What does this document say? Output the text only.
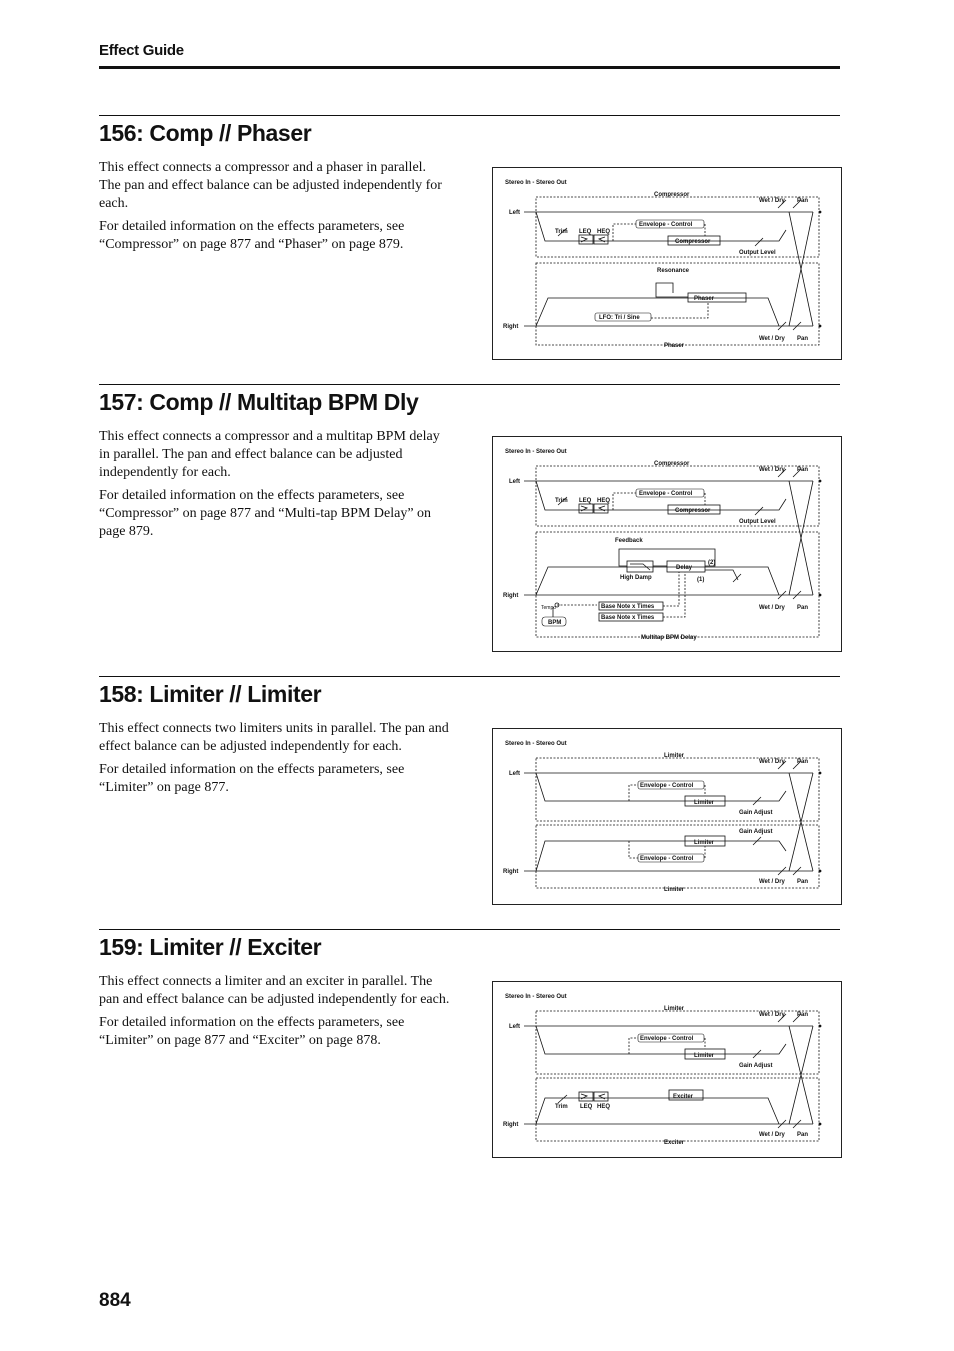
Effect Guide
156: Comp // Phaser

This effect connects a compressor and a phaser in parallel. The pan and effect balance can be adjusted independently for each.

For detailed information on the effects parameters, see “Compressor” on page 877 and “Phaser” on page 879.

Stereo In - Stereo Out
Left
Right
Compressor
Phaser
Wet / Dry Pan
Wet / Dry Pan
Trim LEQ HEQ
Envelope - Control
Compressor
Output Level
Resonance
Phaser
LFO: Tri / Sine
157: Comp // Multitap BPM Dly

This effect connects a compressor and a multitap BPM delay in parallel. The pan and effect balance can be adjusted independently for each.

For detailed information on the effects parameters, see “Compressor” on page 877 and “Multi-tap BPM Delay” on page 879.

Stereo In - Stereo Out
Left
Right
Compressor
Multitap BPM Delay
Wet / Dry Pan
Wet / Dry Pan
Trim LEQ HEQ
Envelope - Control
Compressor
Output Level
Feedback
High Damp
Delay
(2)
(1)
Tempo
BPM
Base Note x Times
Base Note x Times
158: Limiter // Limiter

This effect connects two limiters units in parallel. The pan and effect balance can be adjusted independently for each.

For detailed information on the effects parameters, see “Limiter” on page 877.

Stereo In - Stereo Out
Left
Right
Limiter
Limiter
Wet / Dry Pan
Wet / Dry Pan
Envelope - Control
Limiter
Gain Adjust
Gain Adjust
Limiter
Envelope - Control
159: Limiter // Exciter

This effect connects a limiter and an exciter in parallel. The pan and effect balance can be adjusted independently for each.

For detailed information on the effects parameters, see “Limiter” on page 877 and “Exciter” on page 878.

Stereo In - Stereo Out
Left
Right
Limiter
Exciter
Wet / Dry Pan
Wet / Dry Pan
Envelope - Control
Limiter
Gain Adjust
Trim LEQ HEQ
Exciter
884
